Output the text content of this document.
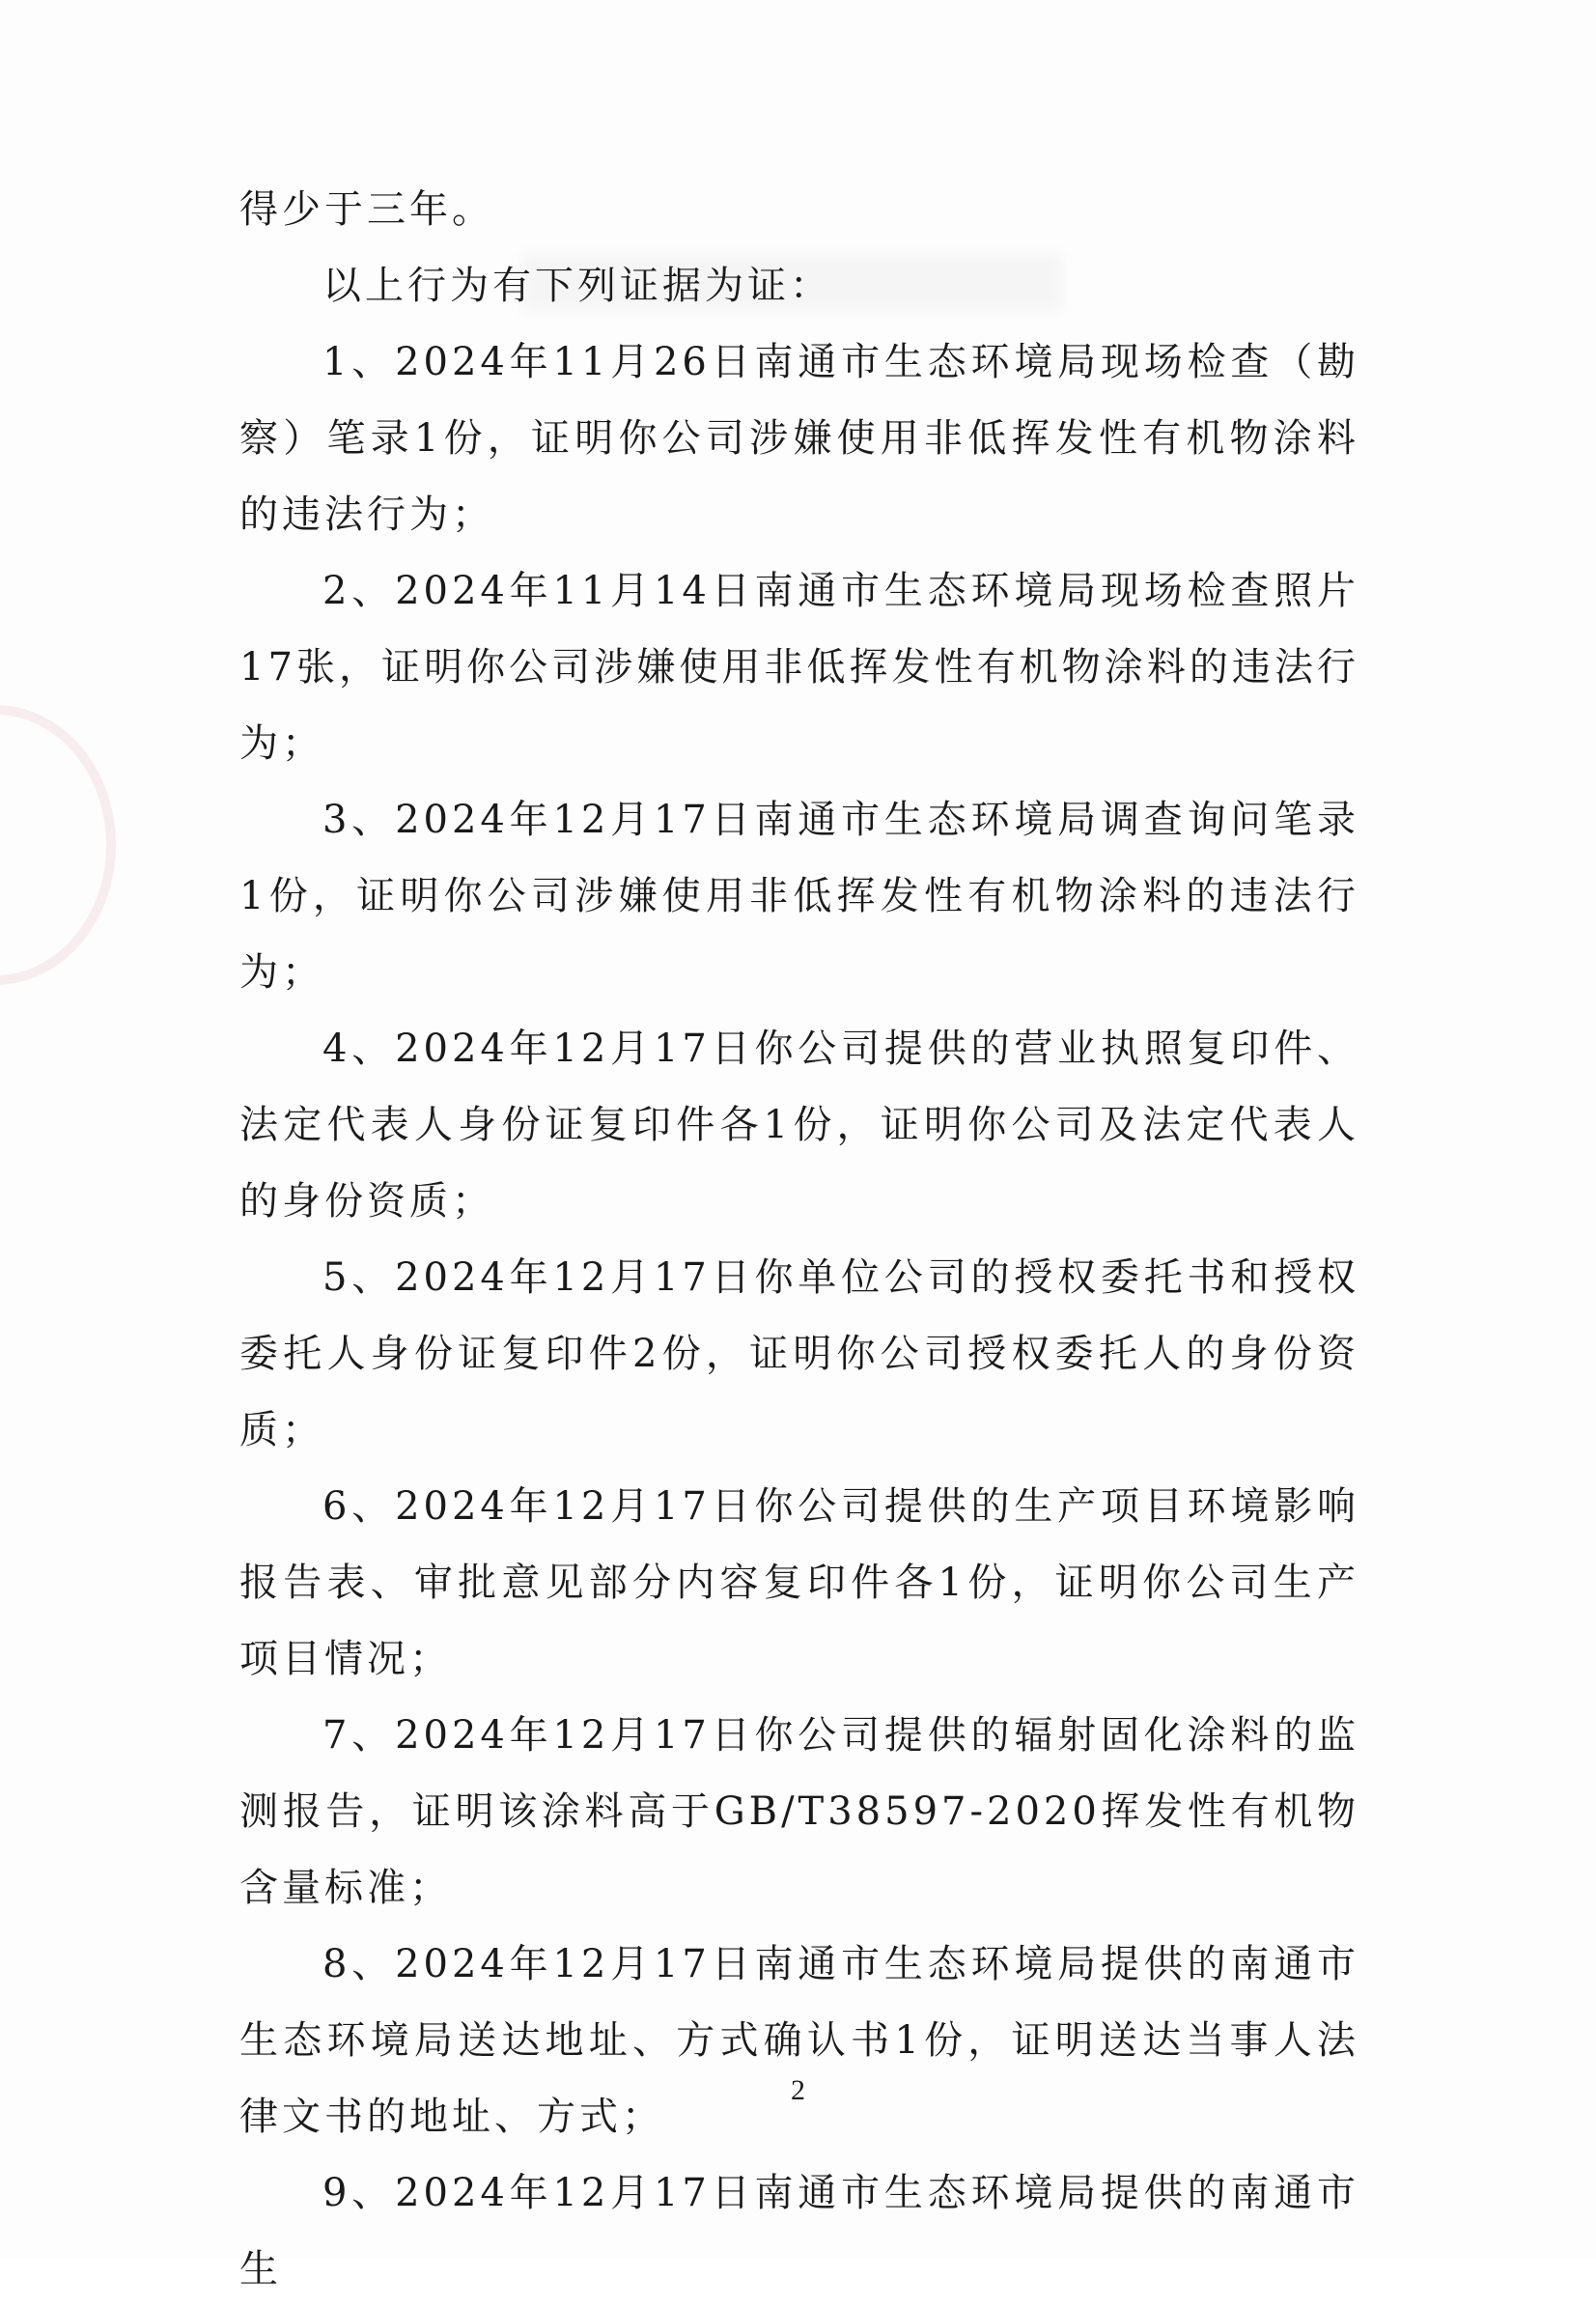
得少于三年。

以上行为有下列证据为证：

1、2024年11月26日南通市生态环境局现场检查（勘察）笔录1份，证明你公司涉嫌使用非低挥发性有机物涂料的违法行为；

2、2024年11月14日南通市生态环境局现场检查照片17张，证明你公司涉嫌使用非低挥发性有机物涂料的违法行为；

3、2024年12月17日南通市生态环境局调查询问笔录1份，证明你公司涉嫌使用非低挥发性有机物涂料的违法行为；

4、2024年12月17日你公司提供的营业执照复印件、法定代表人身份证复印件各1份，证明你公司及法定代表人的身份资质；

5、2024年12月17日你单位公司的授权委托书和授权委托人身份证复印件2份，证明你公司授权委托人的身份资质；

6、2024年12月17日你公司提供的生产项目环境影响报告表、审批意见部分内容复印件各1份，证明你公司生产项目情况；

7、2024年12月17日你公司提供的辐射固化涂料的监测报告，证明该涂料高于GB/T38597-2020挥发性有机物含量标准；

8、2024年12月17日南通市生态环境局提供的南通市生态环境局送达地址、方式确认书1份，证明送达当事人法律文书的地址、方式；

9、2024年12月17日南通市生态环境局提供的南通市生

2
